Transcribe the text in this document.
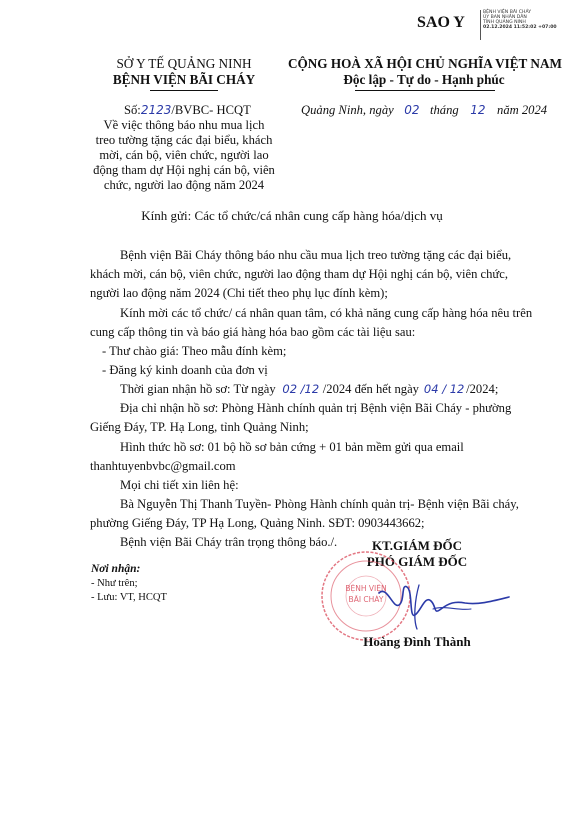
SAO Y
BỆNH VIỆN BÃI CHÁY
ỦY BAN NHÂN DÂN
TỈNH QUẢNG NINH
02.12.2024 11:52:02 +07:00
SỞ Y TẾ QUẢNG NINH
BỆNH VIỆN BÃI CHÁY
Số:2123/BVBC- HCQT
Về việc thông báo nhu mua lịch
treo tường tặng các đại biểu, khách
mời, cán bộ, viên chức, người lao
động tham dự Hội nghị cán bộ, viên
chức, người lao động năm 2024
CỘNG HOÀ XÃ HỘI CHỦ NGHĨA VIỆT NAM
Độc lập - Tự do - Hạnh phúc
Quảng Ninh, ngày 02 tháng 12 năm 2024
Kính gửi: Các tổ chức/cá nhân cung cấp hàng hóa/dịch vụ
Bệnh viện Bãi Cháy thông báo nhu cầu mua lịch treo tường tặng các đại biểu,
khách mời, cán bộ, viên chức, người lao động tham dự Hội nghị cán bộ, viên chức,
người lao động năm 2024 (Chi tiết theo phụ lục đính kèm);
Kính mời các tổ chức/ cá nhân quan tâm, có khả năng cung cấp hàng hóa nêu trên
cung cấp thông tin và báo giá hàng hóa bao gồm các tài liệu sau:
- Thư chào giá: Theo mẫu đính kèm;
- Đăng ký kinh doanh của đơn vị
Thời gian nhận hồ sơ: Từ ngày 02 /12 /2024 đến hết ngày 04 / 12 /2024;
Địa chỉ nhận hồ sơ: Phòng Hành chính quản trị Bệnh viện Bãi Cháy - phường
Giếng Đáy, TP. Hạ Long, tỉnh Quảng Ninh;
Hình thức hồ sơ: 01 bộ hồ sơ bản cứng + 01 bản mềm gửi qua email
thanhtuyenbvbc@gmail.com
Mọi chi tiết xin liên hệ:
Bà Nguyễn Thị Thanh Tuyền- Phòng Hành chính quản trị- Bệnh viện Bãi cháy,
phường Giếng Đáy, TP Hạ Long, Quảng Ninh. SĐT: 0903443662;
Bệnh viện Bãi Cháy trân trọng thông báo./.
Nơi nhận:
- Như trên;
- Lưu: VT, HCQT
KT.GIÁM ĐỐC
PHÓ GIÁM ĐỐC
BỆNH VIỆN
BÃI CHÁY
Hoàng Đình Thành
